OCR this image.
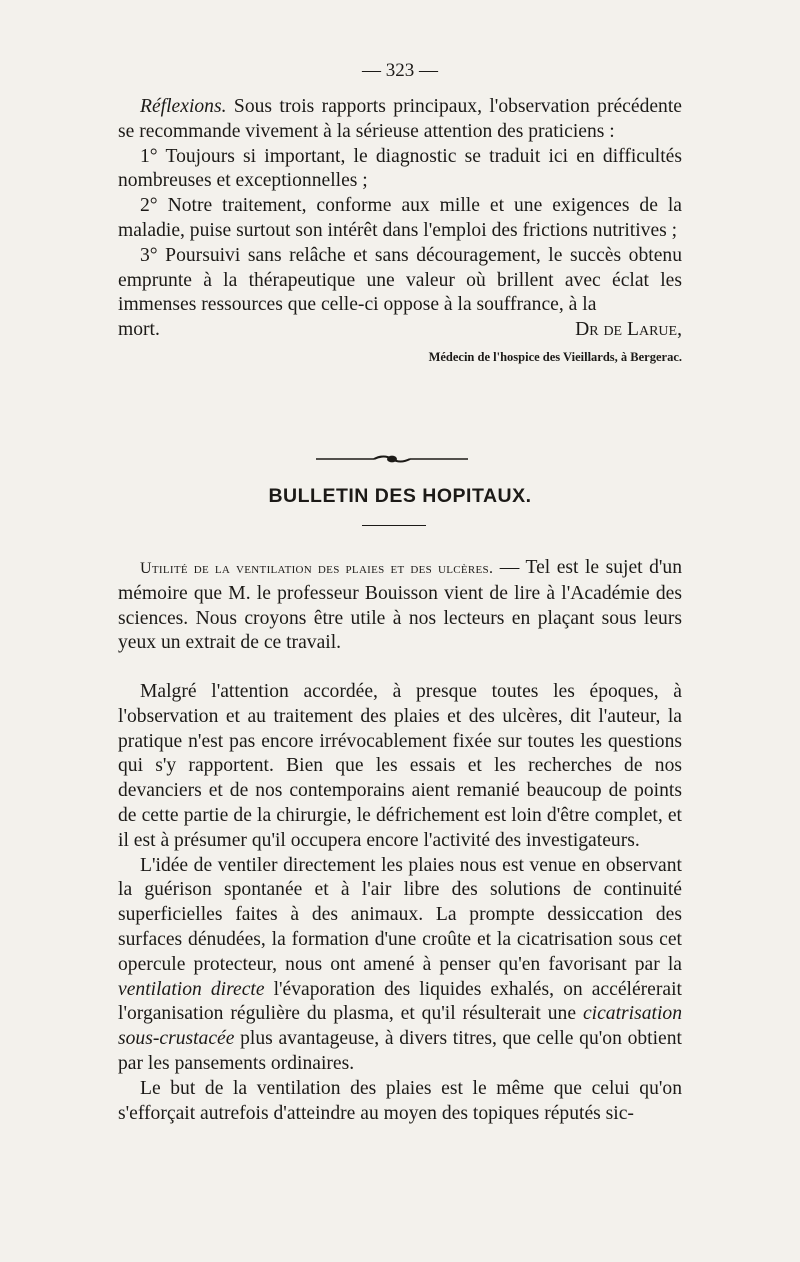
— 323 —

Réflexions. Sous trois rapports principaux, l'observation précédente se recommande vivement à la sérieuse attention des praticiens :

1° Toujours si important, le diagnostic se traduit ici en difficultés nombreuses et exceptionnelles ;

2° Notre traitement, conforme aux mille et une exigences de la maladie, puise surtout son intérêt dans l'emploi des frictions nutritives ;

3° Poursuivi sans relâche et sans découragement, le succès obtenu emprunte à la thérapeutique une valeur où brillent avec éclat les immenses ressources que celle-ci oppose à la souffrance, à la

mort.	Dr de Larue,

Médecin de l'hospice des Vieillards, à Bergerac.

BULLETIN DES HOPITAUX.

Utilité de la ventilation des plaies et des ulcères. — Tel est le sujet d'un mémoire que M. le professeur Bouisson vient de lire à l'Académie des sciences. Nous croyons être utile à nos lecteurs en plaçant sous leurs yeux un extrait de ce travail.

Malgré l'attention accordée, à presque toutes les époques, à l'observation et au traitement des plaies et des ulcères, dit l'auteur, la pratique n'est pas encore irrévocablement fixée sur toutes les questions qui s'y rapportent. Bien que les essais et les recherches de nos devanciers et de nos contemporains aient remanié beaucoup de points de cette partie de la chirurgie, le défrichement est loin d'être complet, et il est à présumer qu'il occupera encore l'activité des investigateurs.

L'idée de ventiler directement les plaies nous est venue en observant la guérison spontanée et à l'air libre des solutions de continuité superficielles faites à des animaux. La prompte dessiccation des surfaces dénudées, la formation d'une croûte et la cicatrisation sous cet opercule protecteur, nous ont amené à penser qu'en favorisant par la ventilation directe l'évaporation des liquides exhalés, on accélérerait l'organisation régulière du plasma, et qu'il résulterait une cicatrisation sous-crustacée plus avantageuse, à divers titres, que celle qu'on obtient par les pansements ordinaires.

Le but de la ventilation des plaies est le même que celui qu'on s'efforçait autrefois d'atteindre au moyen des topiques réputés sic-
